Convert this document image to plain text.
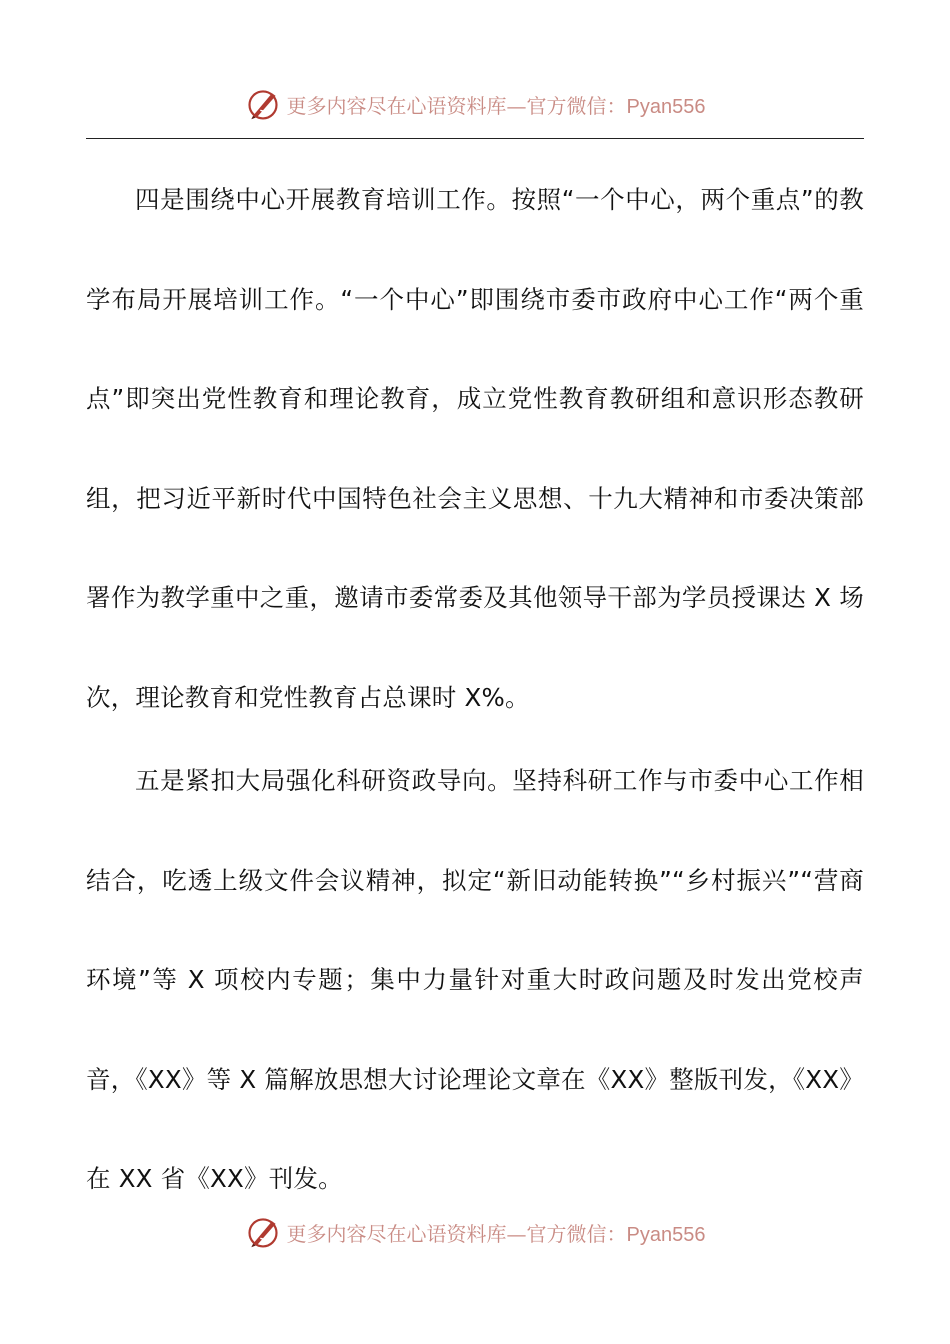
更多内容尽在心语资料库—官方微信：Pyan556

四是围绕中心开展教育培训工作。按照“一个中心，两个重点”的教学布局开展培训工作。“一个中心”即围绕市委市政府中心工作“两个重点”即突出党性教育和理论教育，成立党性教育教研组和意识形态教研组，把习近平新时代中国特色社会主义思想、十九大精神和市委决策部署作为教学重中之重，邀请市委常委及其他领导干部为学员授课达 X 场次，理论教育和党性教育占总课时 X%。

五是紧扣大局强化科研资政导向。坚持科研工作与市委中心工作相结合，吃透上级文件会议精神，拟定“新旧动能转换”“乡村振兴”“营商环境”等 X 项校内专题；集中力量针对重大时政问题及时发出党校声音，《XX》等 X 篇解放思想大讨论理论文章在《XX》整版刊发，《XX》在 XX 省《XX》刊发。

更多内容尽在心语资料库—官方微信：Pyan556
